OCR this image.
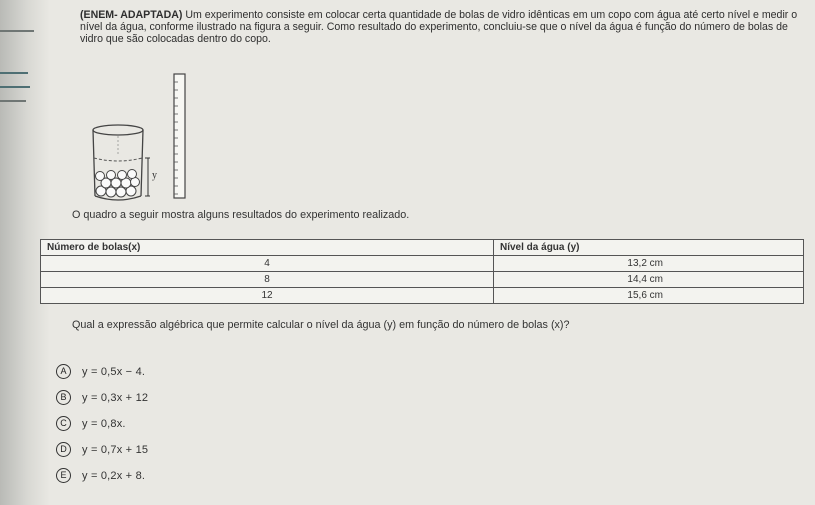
(ENEM- ADAPTADA) Um experimento consiste em colocar certa quantidade de bolas de vidro idênticas em um copo com água até certo nível e medir o nível da água, conforme ilustrado na figura a seguir. Como resultado do experimento, concluiu-se que o nível da água é função do número de bolas de vidro que são colocadas dentro do copo.

y

O quadro a seguir mostra alguns resultados do experimento realizado.

Número de bolas(x)	Nível da água (y)
4	13,2 cm
8	14,4 cm
12	15,6 cm

Qual a expressão algébrica que permite calcular o nível da água (y) em função do número de bolas (x)?

A	y = 0,5x − 4.
B	y = 0,3x + 12
C	y = 0,8x.
D	y = 0,7x + 15
E	y = 0,2x + 8.
